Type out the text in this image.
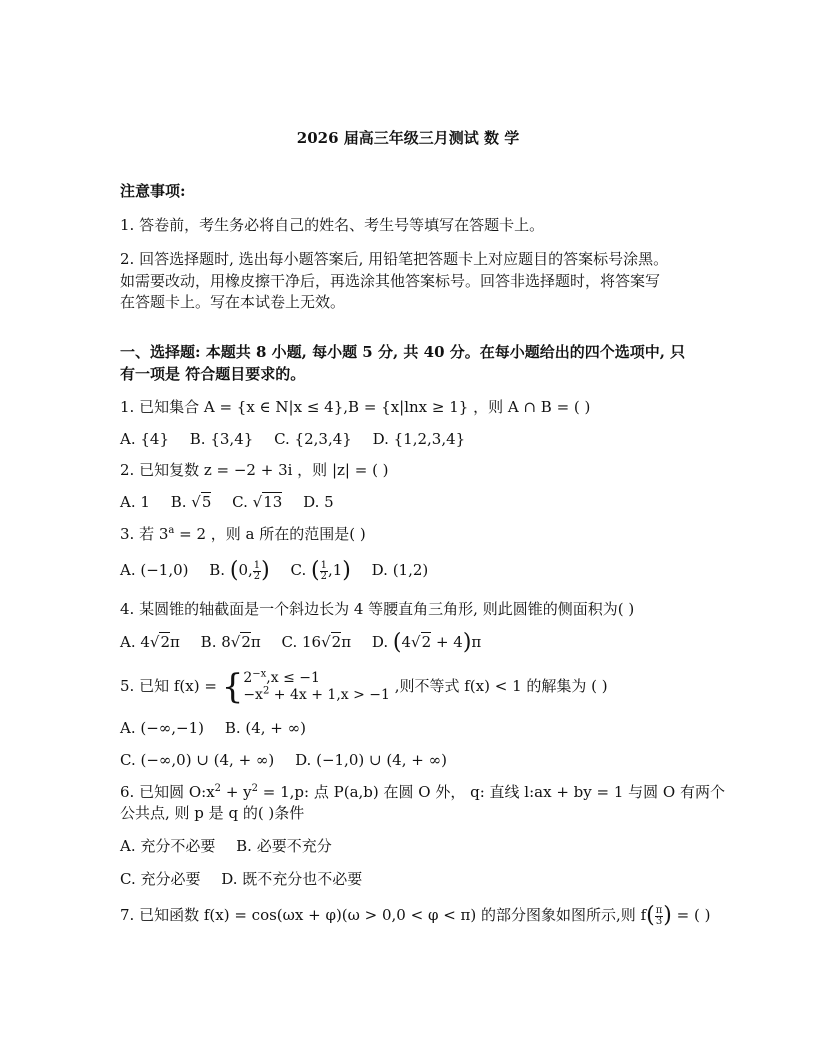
2026 届高三年级三月测试 数 学
注意事项:
1. 答卷前，考生务必将自己的姓名、考生号等填写在答题卡上。
2. 回答选择题时, 选出每小题答案后, 用铅笔把答题卡上对应题目的答案标号涂黑。
如需要改动，用橡皮擦干净后，再选涂其他答案标号。回答非选择题时，将答案写
在答题卡上。写在本试卷上无效。
一、选择题: 本题共 8 小题, 每小题 5 分, 共 40 分。在每小题给出的四个选项中, 只
有一项是 符合题目要求的。
1. 已知集合 A = {x ∈ N|x ≤ 4},B = {x|lnx ≥ 1} ，则 A ∩ B = ( )
A. {4} B. {3,4} C. {2,3,4} D. {1,2,3,4}
2. 已知复数 z = −2 + 3i ，则 |z| = ( )
A. 1 B. √5 C. √13 D. 5
3. 若 $3^a = 2$ ，则 a 所在的范围是( )
A. (−1,0) B. (0, $\frac{1}{2}$ ) C. ( $\frac{1}{2} ,1$) D. (1,2)
4. 某圆锥的轴截面是一个斜边长为 4 等腰直角三角形, 则此圆锥的侧面积为( )
A. 4√2π B. 8√2π C. 16√2π D. (4√2 + 4)π
5. 已知 f(x) = { $2^{-x},x \le -1$
$-x^2 + 4x + 1,x > -1$ ,则不等式 f(x) < 1 的解集为 ( )
A. (−∞,−1) B. (4, + ∞)
C. (−∞,0) ∪ (4, + ∞) D. (−1,0) ∪ (4, + ∞)
6. 已知圆 $O:x^2 + y^2 = 1,p$: 点 P(a,b) 在圆 O 外， q: 直线 l:ax + by = 1 与圆 O 有两个
公共点, 则 p 是 q 的( )条件
A. 充分不必要 B. 必要不充分
C. 充分必要 D. 既不充分也不必要
7. 已知函数 f(x) = cos(ωx + φ)(ω > 0,0 < φ < π) 的部分图象如图所示,则 $f( \frac{\pi}{3}$ ) = ( )
